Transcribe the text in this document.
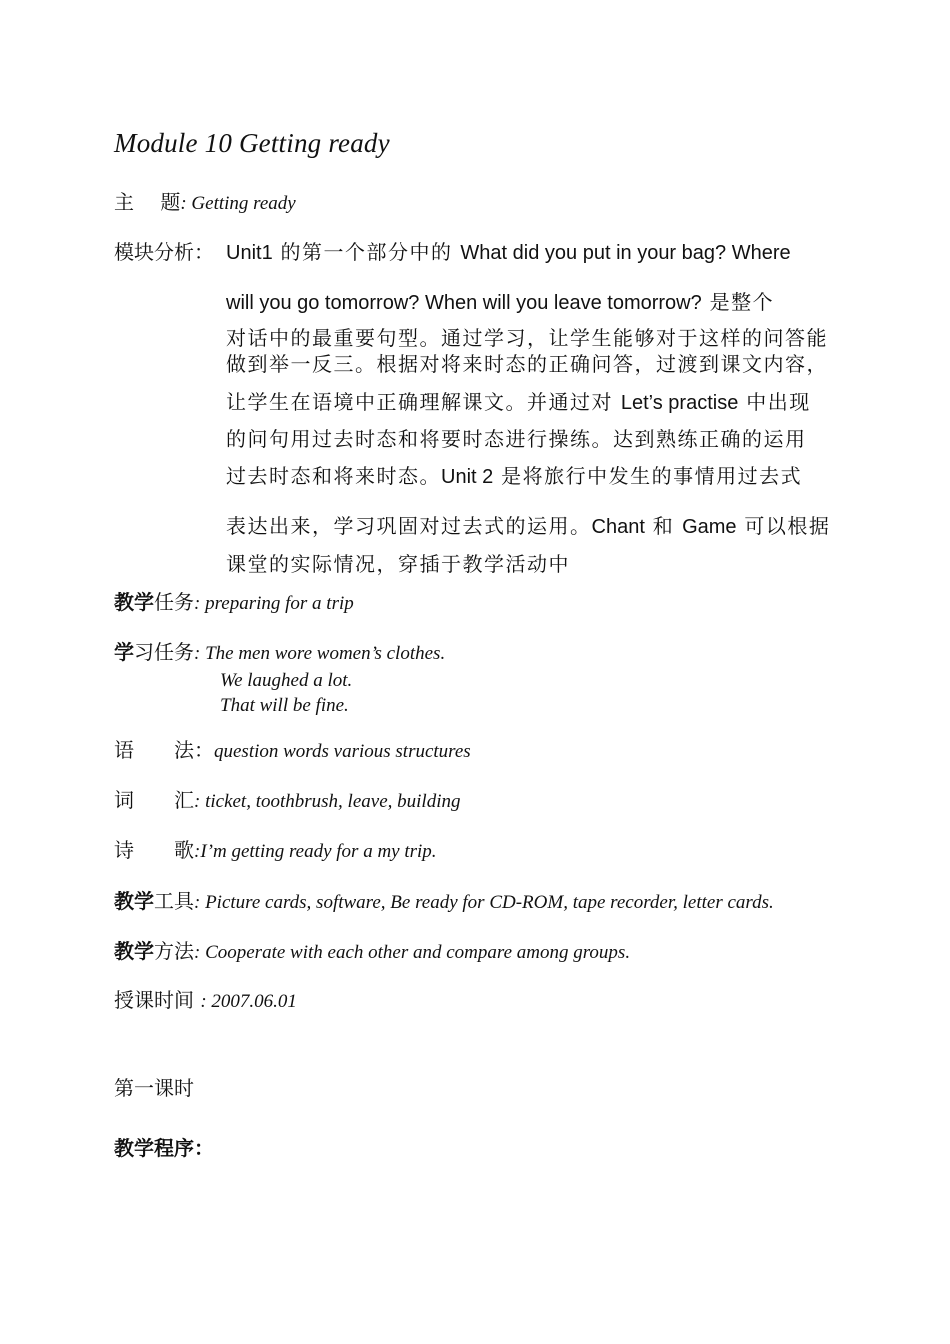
Module 10 Getting ready
主　 题: Getting ready
模块分析： Unit1 的第一个部分中的 What did you put in your bag? Where
will you go tomorrow? When will you leave tomorrow? 是整个
对话中的最重要句型。通过学习，让学生能够对于这样的问答能
做到举一反三。根据对将来时态的正确问答，过渡到课文内容，
让学生在语境中正确理解课文。并通过对 Let’s practise 中出现
的问句用过去时态和将要时态进行操练。达到熟练正确的运用
过去时态和将来时态。Unit 2 是将旅行中发生的事情用过去式
表达出来，学习巩固对过去式的运用。Chant 和 Game 可以根据
课堂的实际情况，穿插于教学活动中
教学任务: preparing for a trip
学习任务: The men wore women’s clothes.
We laughed a lot.
That will be fine.
语　　法：question words various structures
词　　汇: ticket, toothbrush, leave, building
诗　　歌:I’m getting ready for a my trip.
教学工具: Picture cards, software, Be ready for CD-ROM, tape recorder, letter cards.
教学方法: Cooperate with each other and compare among groups.
授课时间 : 2007.06.01
第一课时
教学程序：
